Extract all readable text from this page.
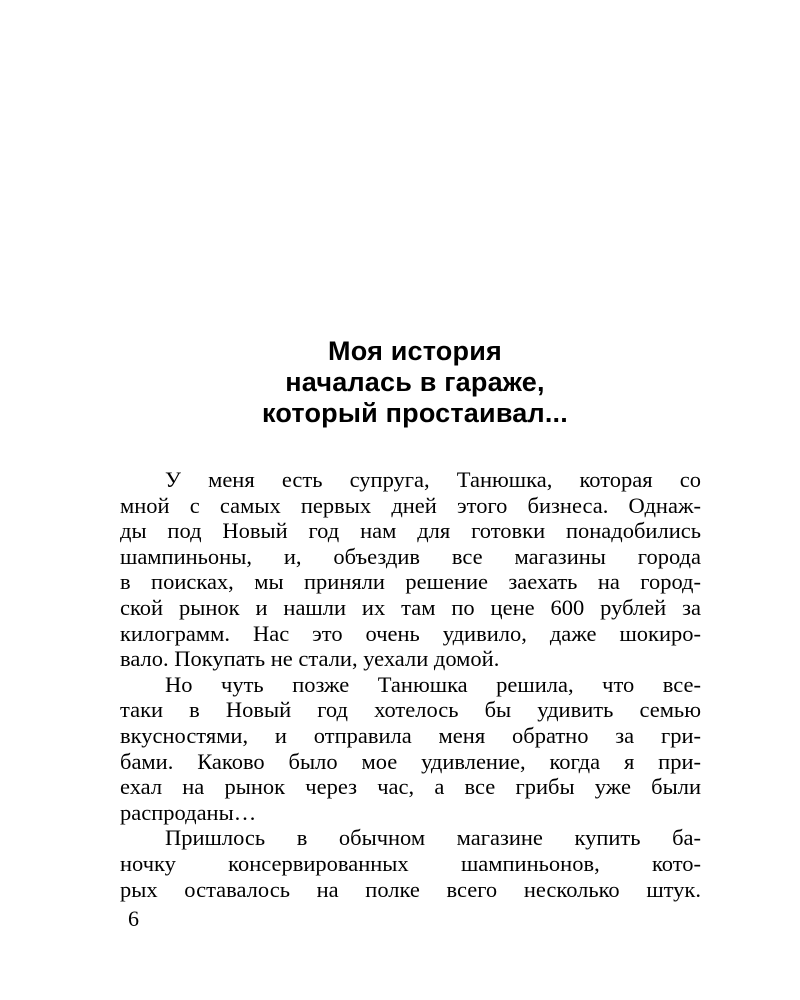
Моя история
началась в гараже,
который простаивал...
У меня есть супруга, Танюшка, которая со
мной с самых первых дней этого бизнеса. Однаж-
ды под Новый год нам для готовки понадобились
шампиньоны, и, объездив все магазины города
в поисках, мы приняли решение заехать на город-
ской рынок и нашли их там по цене 600 рублей за
килограмм. Нас это очень удивило, даже шокиро-
вало. Покупать не стали, уехали домой.
Но чуть позже Танюшка решила, что все-
таки в Новый год хотелось бы удивить семью
вкусностями, и отправила меня обратно за гри-
бами. Каково было мое удивление, когда я при-
ехал на рынок через час, а все грибы уже были
распроданы…
Пришлось в обычном магазине купить ба-
ночку консервированных шампиньонов, кото-
рых оставалось на полке всего несколько штук.
6
